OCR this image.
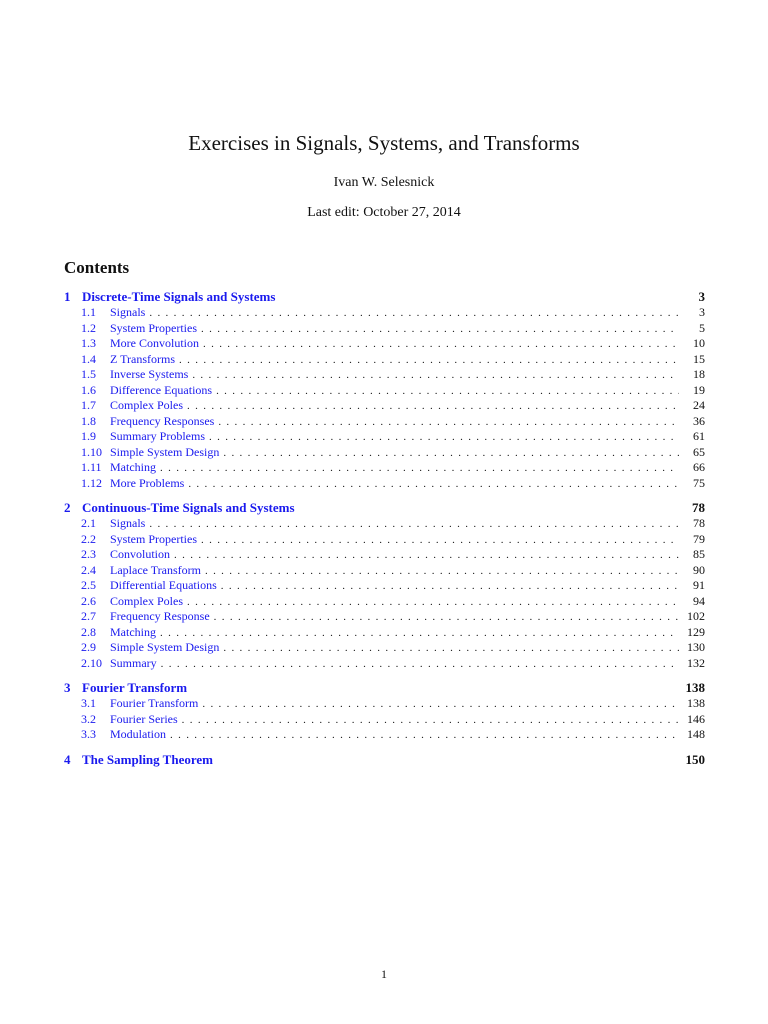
Exercises in Signals, Systems, and Transforms
Ivan W. Selesnick
Last edit: October 27, 2014
Contents
1 Discrete-Time Signals and Systems	3
1.1	Signals . . .	3
1.2	System Properties . . .	5
1.3	More Convolution . . .	10
1.4	Z Transforms . . .	15
1.5	Inverse Systems . . .	18
1.6	Difference Equations . . .	19
1.7	Complex Poles . . .	24
1.8	Frequency Responses . . .	36
1.9	Summary Problems . . .	61
1.10 Simple System Design . . .	65
1.11 Matching . . .	66
1.12 More Problems . . .	75
2 Continuous-Time Signals and Systems	78
2.1	Signals . . .	78
2.2	System Properties . . .	79
2.3	Convolution . . .	85
2.4	Laplace Transform . . .	90
2.5	Differential Equations . . .	91
2.6	Complex Poles . . .	94
2.7	Frequency Response . . .	102
2.8	Matching . . .	129
2.9	Simple System Design . . .	130
2.10 Summary . . .	132
3 Fourier Transform	138
3.1	Fourier Transform . . .	138
3.2	Fourier Series . . .	146
3.3	Modulation . . .	148
4 The Sampling Theorem	150
1
